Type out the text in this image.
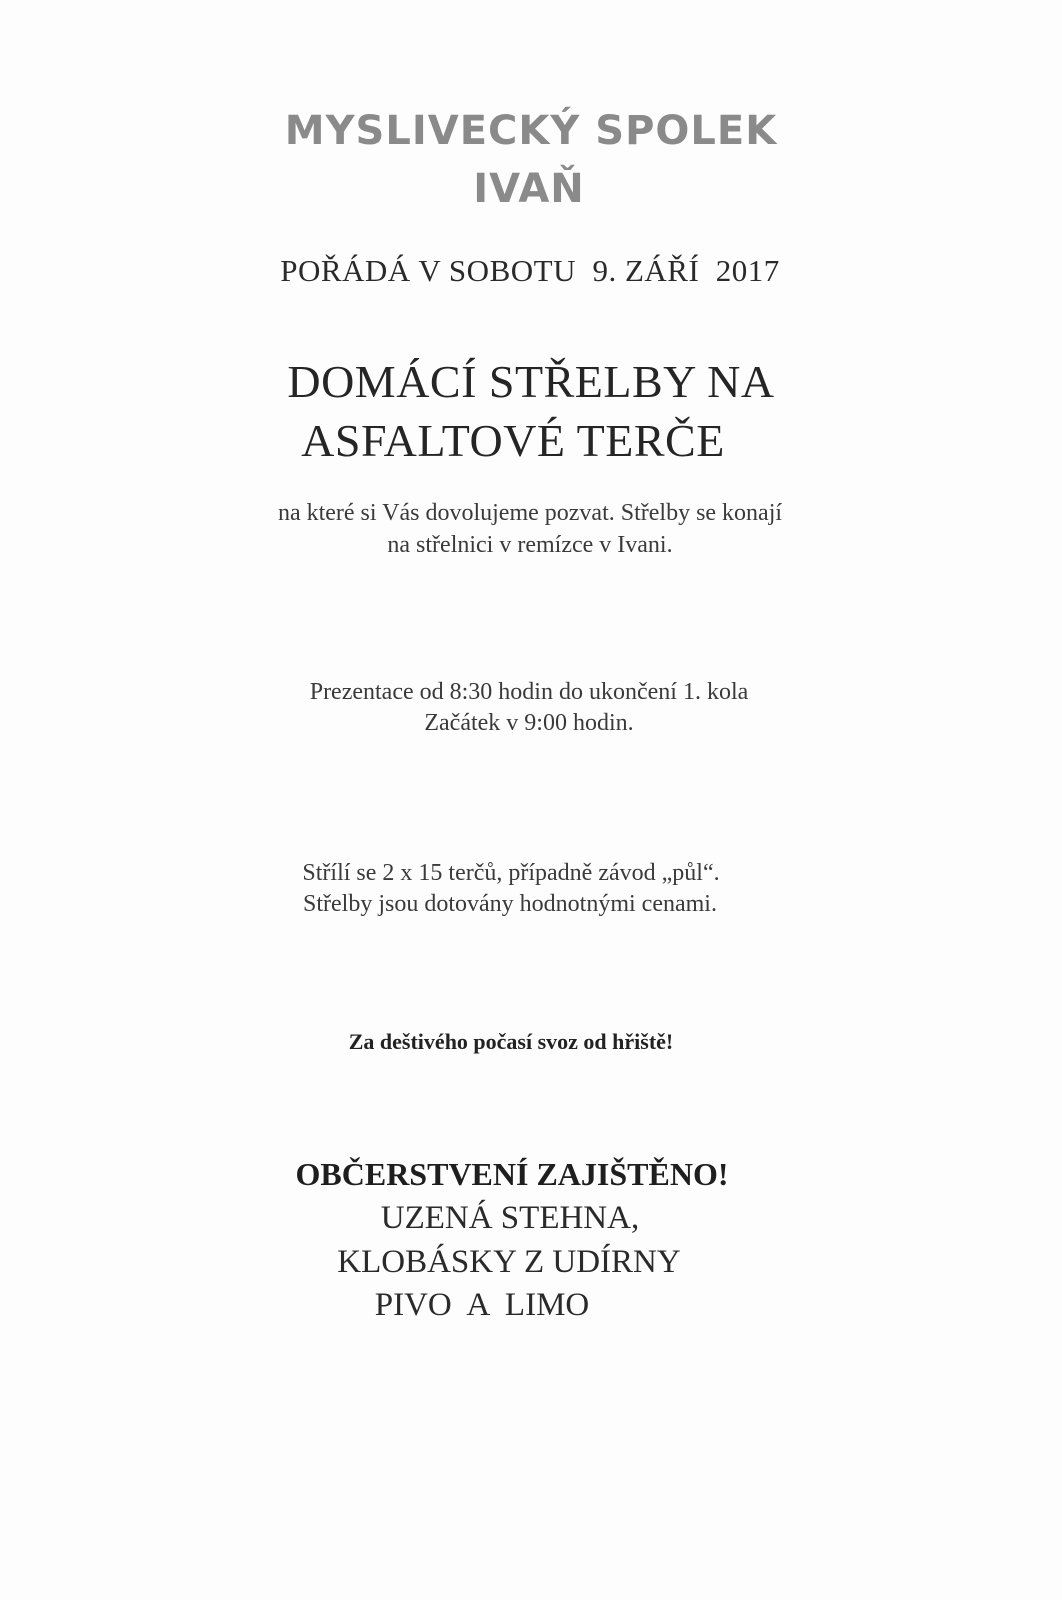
MYSLIVECKÝ SPOLEK

IVAŇ

POŘÁDÁ V SOBOTU  9. ZÁŘÍ  2017

DOMÁCÍ STŘELBY NA

ASFALTOVÉ TERČE

na které si Vás dovolujeme pozvat. Střelby se konají

na střelnici v remízce v Ivani.

Prezentace od 8:30 hodin do ukončení 1. kola

Začátek v 9:00 hodin.

Střílí se 2 x 15 terčů, případně závod „půl“.

Střelby jsou dotovány hodnotnými cenami.

Za deštivého počasí svoz od hřiště!

OBČERSTVENÍ ZAJIŠTĚNO!

UZENÁ STEHNA,

KLOBÁSKY Z UDÍRNY

PIVO  A  LIMO
